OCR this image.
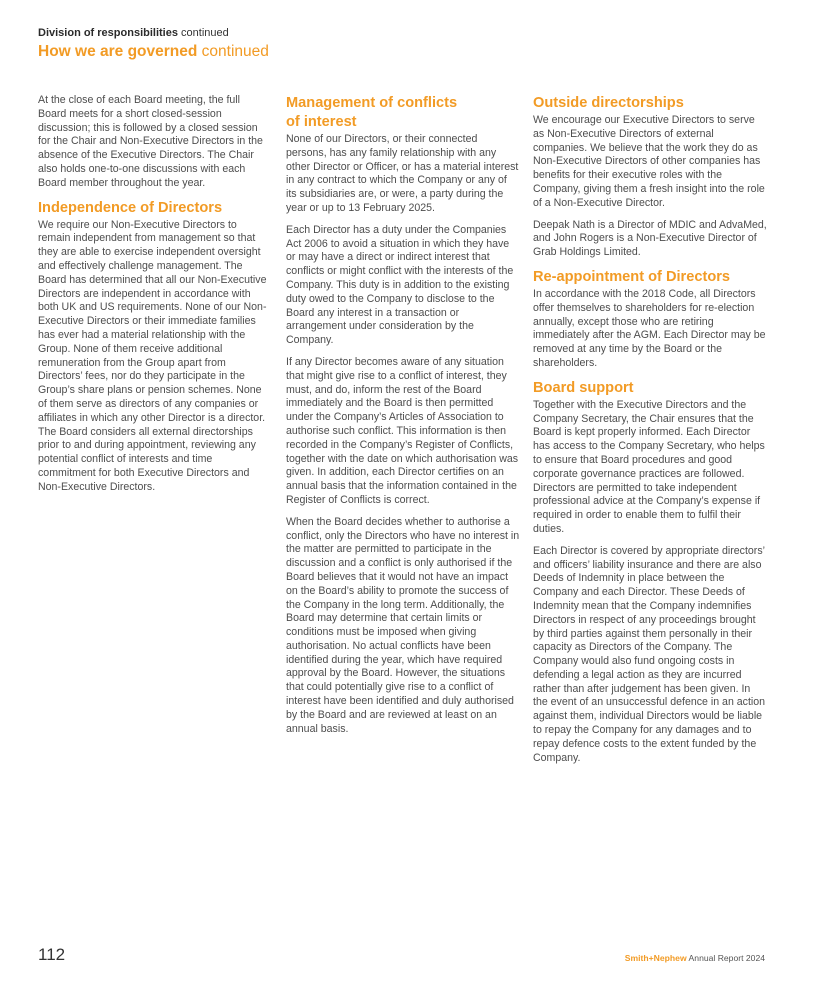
Division of responsibilities continued
How we are governed continued

At the close of each Board meeting, the full Board meets for a short closed-session discussion; this is followed by a closed session for the Chair and Non-Executive Directors in the absence of the Executive Directors. The Chair also holds one-to-one discussions with each Board member throughout the year.

Independence of Directors

We require our Non-Executive Directors to remain independent from management so that they are able to exercise independent oversight and effectively challenge management. The Board has determined that all our Non-Executive Directors are independent in accordance with both UK and US requirements. None of our Non-Executive Directors or their immediate families has ever had a material relationship with the Group. None of them receive additional remuneration from the Group apart from Directors’ fees, nor do they participate in the Group’s share plans or pension schemes. None of them serve as directors of any companies or affiliates in which any other Director is a director. The Board considers all external directorships prior to and during appointment, reviewing any potential conflict of interests and time commitment for both Executive Directors and Non-Executive Directors.

Management of conflicts
of interest

None of our Directors, or their connected persons, has any family relationship with any other Director or Officer, or has a material interest in any contract to which the Company or any of its subsidiaries are, or were, a party during the year or up to 13 February 2025.

Each Director has a duty under the Companies Act 2006 to avoid a situation in which they have or may have a direct or indirect interest that conflicts or might conflict with the interests of the Company. This duty is in addition to the existing duty owed to the Company to disclose to the Board any interest in a transaction or arrangement under consideration by the Company.

If any Director becomes aware of any situation that might give rise to a conflict of interest, they must, and do, inform the rest of the Board immediately and the Board is then permitted under the Company’s Articles of Association to authorise such conflict. This information is then recorded in the Company’s Register of Conflicts, together with the date on which authorisation was given. In addition, each Director certifies on an annual basis that the information contained in the Register of Conflicts is correct.

When the Board decides whether to authorise a conflict, only the Directors who have no interest in the matter are permitted to participate in the discussion and a conflict is only authorised if the Board believes that it would not have an impact on the Board’s ability to promote the success of the Company in the long term. Additionally, the Board may determine that certain limits or conditions must be imposed when giving authorisation. No actual conflicts have been identified during the year, which have required approval by the Board. However, the situations that could potentially give rise to a conflict of interest have been identified and duly authorised by the Board and are reviewed at least on an annual basis.

Outside directorships

We encourage our Executive Directors to serve as Non-Executive Directors of external companies. We believe that the work they do as Non-Executive Directors of other companies has benefits for their executive roles with the Company, giving them a fresh insight into the role of a Non-Executive Director.

Deepak Nath is a Director of MDIC and AdvaMed, and John Rogers is a Non-Executive Director of Grab Holdings Limited.

Re-appointment of Directors

In accordance with the 2018 Code, all Directors offer themselves to shareholders for re-election annually, except those who are retiring immediately after the AGM. Each Director may be removed at any time by the Board or the shareholders.

Board support

Together with the Executive Directors and the Company Secretary, the Chair ensures that the Board is kept properly informed. Each Director has access to the Company Secretary, who helps to ensure that Board procedures and good corporate governance practices are followed. Directors are permitted to take independent professional advice at the Company’s expense if required in order to enable them to fulfil their duties.

Each Director is covered by appropriate directors’ and officers’ liability insurance and there are also Deeds of Indemnity in place between the Company and each Director. These Deeds of Indemnity mean that the Company indemnifies Directors in respect of any proceedings brought by third parties against them personally in their capacity as Directors of the Company. The Company would also fund ongoing costs in defending a legal action as they are incurred rather than after judgement has been given. In the event of an unsuccessful defence in an action against them, individual Directors would be liable to repay the Company for any damages and to repay defence costs to the extent funded by the Company.

112	Smith+Nephew Annual Report 2024
